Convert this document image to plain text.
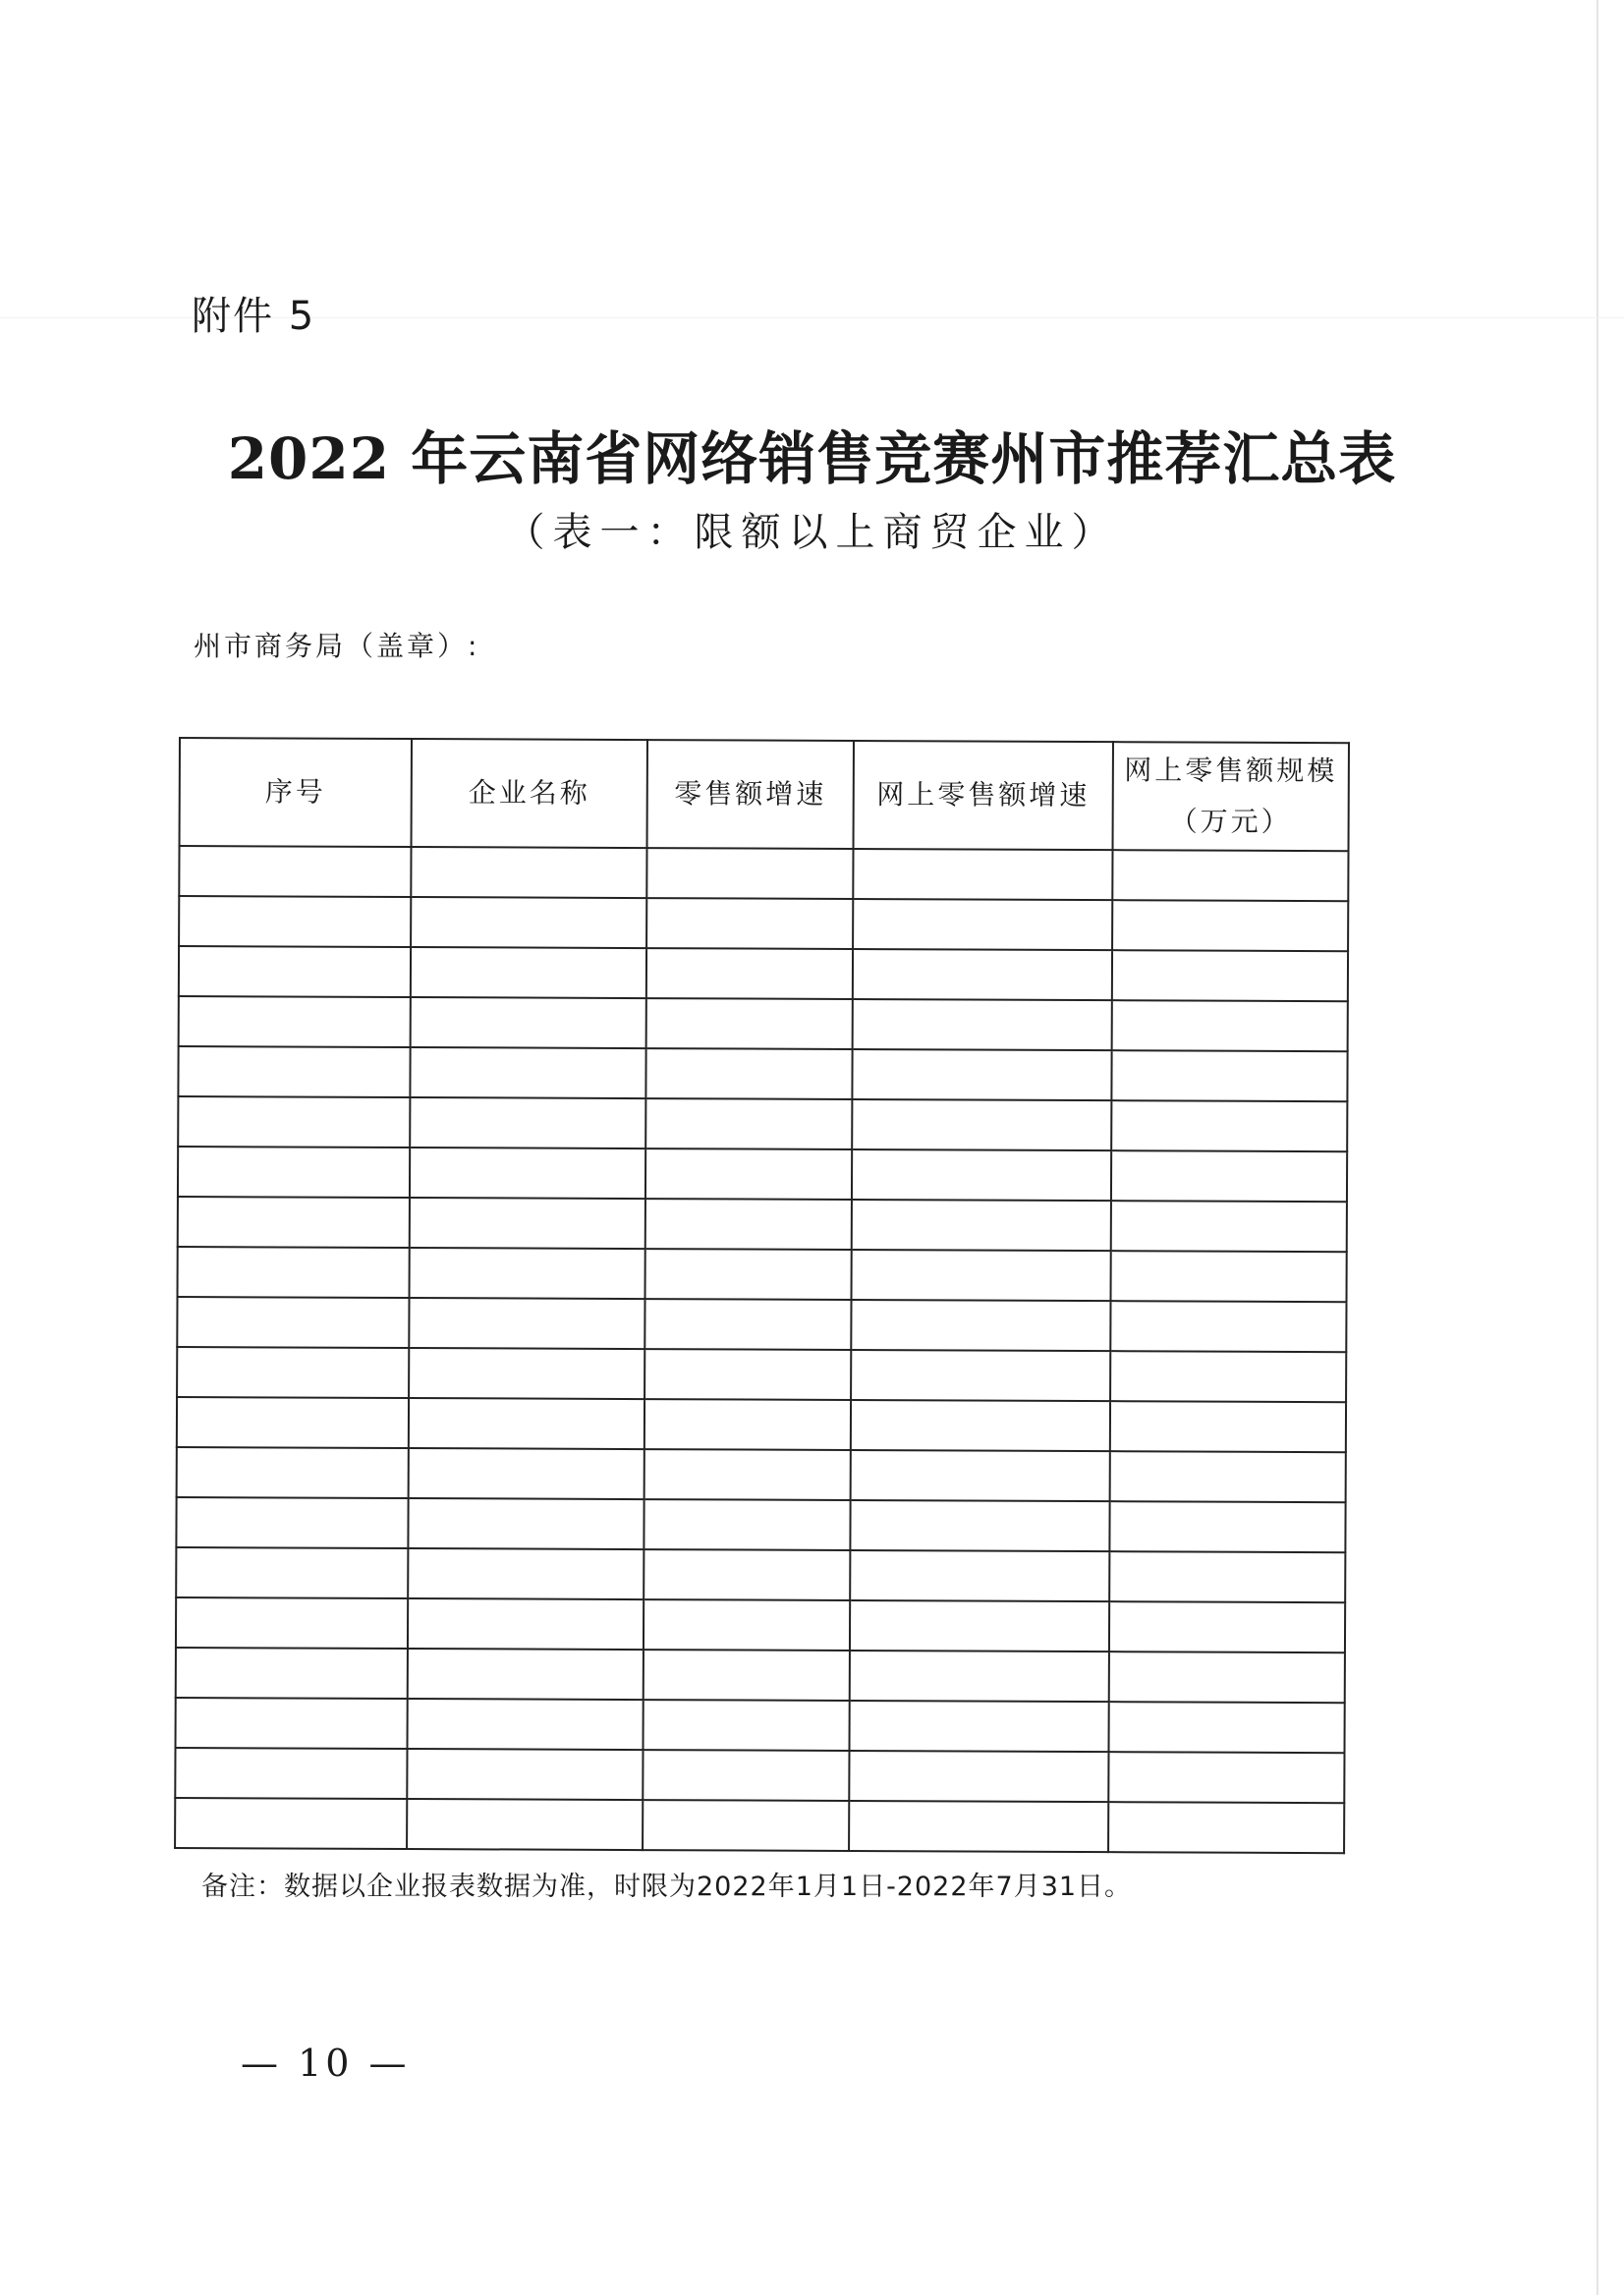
附件 5
2022 年云南省网络销售竞赛州市推荐汇总表
（表一：限额以上商贸企业）
州市商务局（盖章）:
序号	企业名称	零售额增速	网上零售额增速	网上零售额规模（万元）

备注：数据以企业报表数据为准，时限为2022年1月1日-2022年7月31日。
— 10 —
